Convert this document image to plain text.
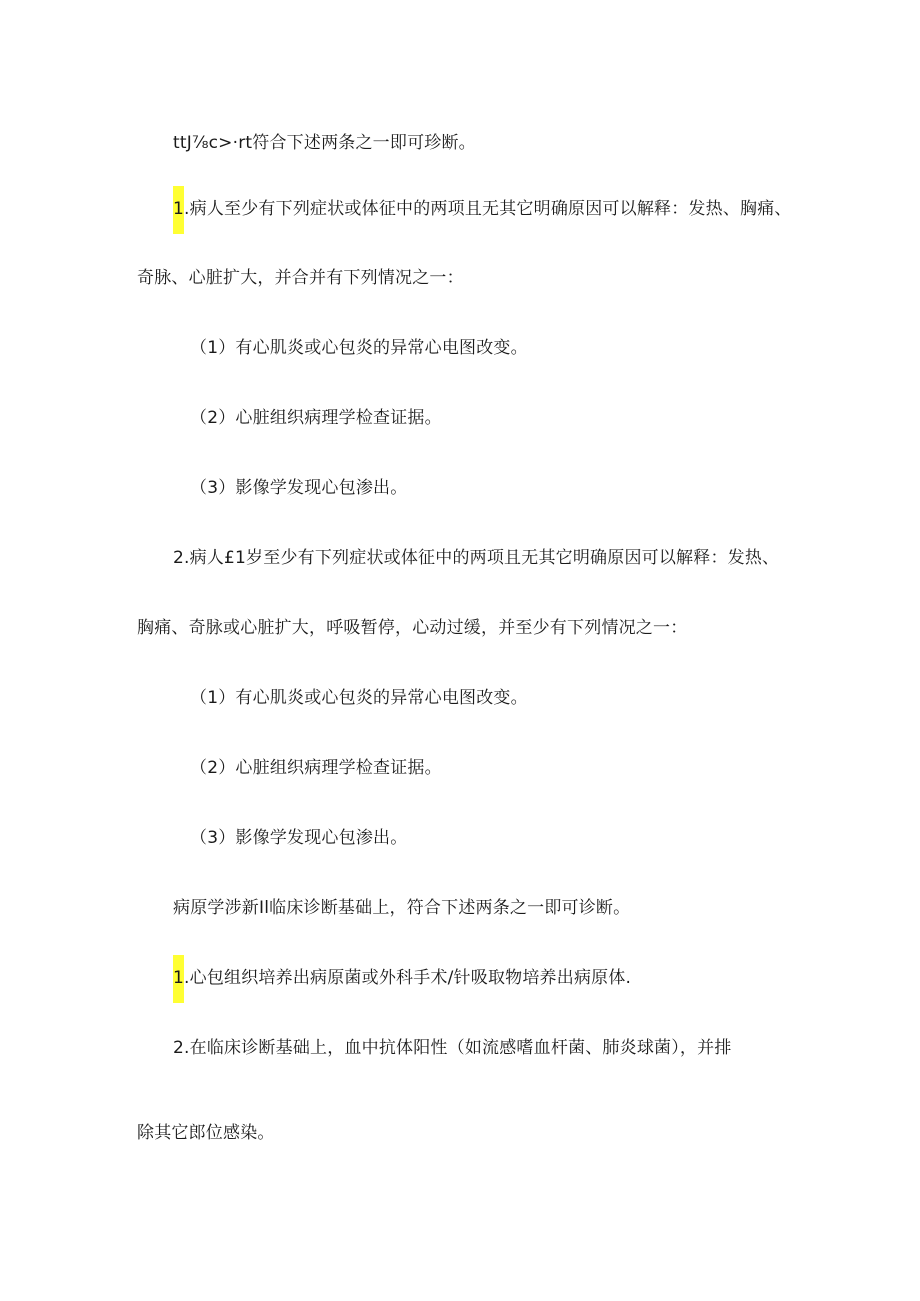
ttJ⅞c>·rt符合下述两条之一即可珍断。
1.病人至少有下列症状或体征中的两项且无其它明确原因可以解释：发热、胸痛、
奇脉、心脏扩大，并合并有下列情况之一：
（1）有心肌炎或心包炎的异常心电图改变。
（2）心脏组织病理学检查证据。
（3）影像学发现心包渗出。
2.病人£1岁至少有下列症状或体征中的两项且无其它明确原因可以解释：发热、
胸痛、奇脉或心脏扩大，呼吸暂停，心动过缓，并至少有下列情况之一：
（1）有心肌炎或心包炎的异常心电图改变。
（2）心脏组织病理学检查证据。
（3）影像学发现心包渗出。
病原学涉新Il临床诊断基础上，符合下述两条之一即可诊断。
1.心包组织培养出病原菌或外科手术/针吸取物培养出病原体.
2.在临床诊断基础上，血中抗体阳性（如流感嗜血杆菌、肺炎球菌），并排
除其它郎位感染。
